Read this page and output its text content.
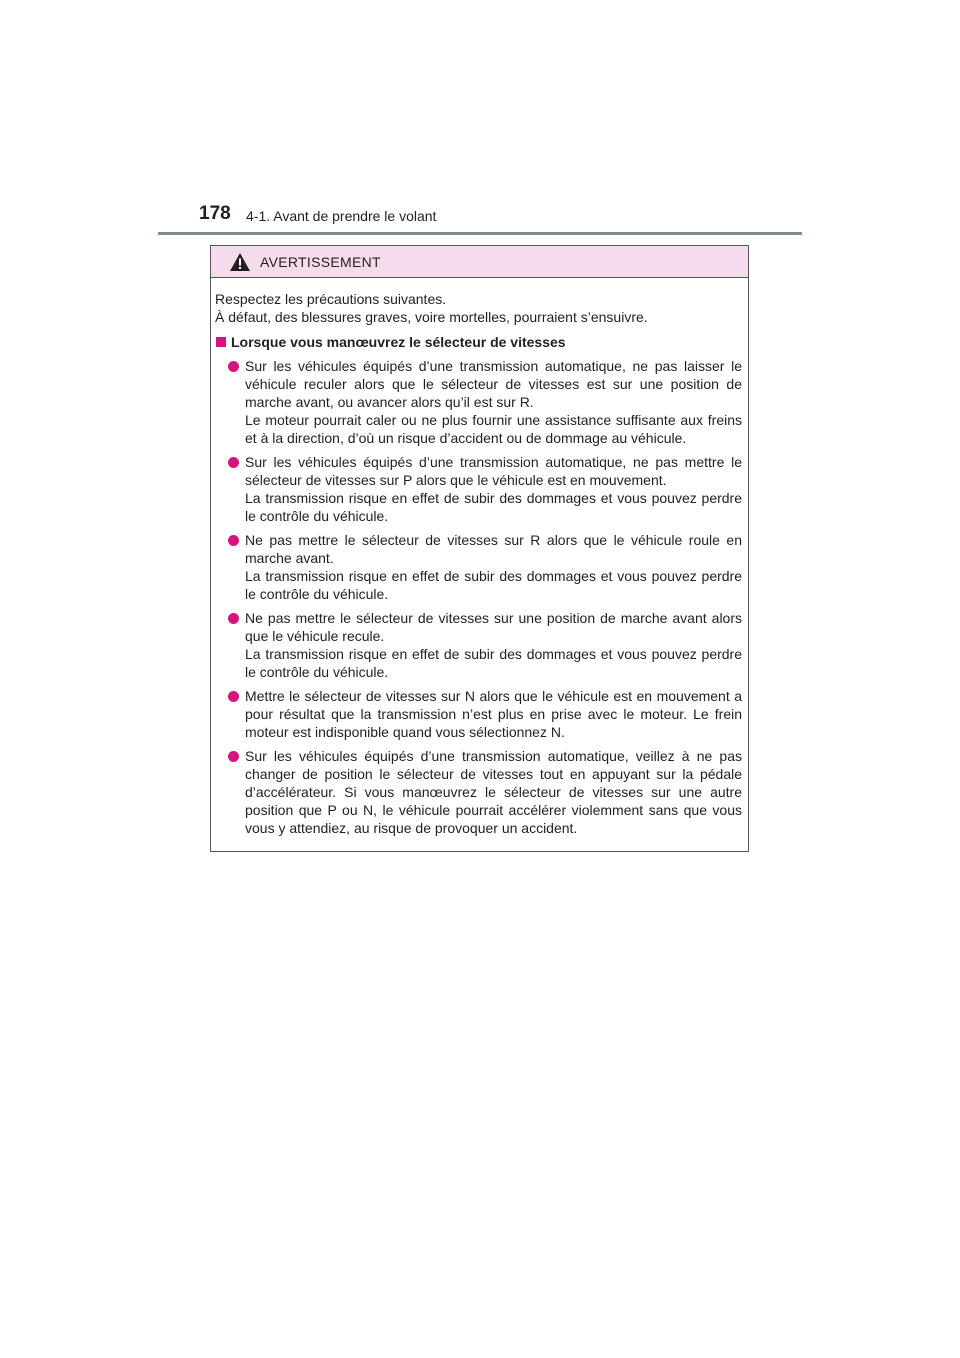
178 4-1. Avant de prendre le volant
AVERTISSEMENT

Respectez les précautions suivantes.

À défaut, des blessures graves, voire mortelles, pourraient s’ensuivre.

Lorsque vous manœuvrez le sélecteur de vitesses

Sur les véhicules équipés d’une transmission automatique, ne pas laisser le véhicule reculer alors que le sélecteur de vitesses est sur une position de marche avant, ou avancer alors qu’il est sur R.

Le moteur pourrait caler ou ne plus fournir une assistance suffisante aux freins et à la direction, d’où un risque d’accident ou de dommage au véhicule.

Sur les véhicules équipés d’une transmission automatique, ne pas mettre le sélecteur de vitesses sur P alors que le véhicule est en mouvement.

La transmission risque en effet de subir des dommages et vous pouvez perdre le contrôle du véhicule.

Ne pas mettre le sélecteur de vitesses sur R alors que le véhicule roule en marche avant.

La transmission risque en effet de subir des dommages et vous pouvez perdre le contrôle du véhicule.

Ne pas mettre le sélecteur de vitesses sur une position de marche avant alors que le véhicule recule.

La transmission risque en effet de subir des dommages et vous pouvez perdre le contrôle du véhicule.

Mettre le sélecteur de vitesses sur N alors que le véhicule est en mouvement a pour résultat que la transmission n’est plus en prise avec le moteur. Le frein moteur est indisponible quand vous sélectionnez N.

Sur les véhicules équipés d’une transmission automatique, veillez à ne pas changer de position le sélecteur de vitesses tout en appuyant sur la pédale d’accélérateur. Si vous manœuvrez le sélecteur de vitesses sur une autre position que P ou N, le véhicule pourrait accélérer violemment sans que vous vous y attendiez, au risque de provoquer un accident.
